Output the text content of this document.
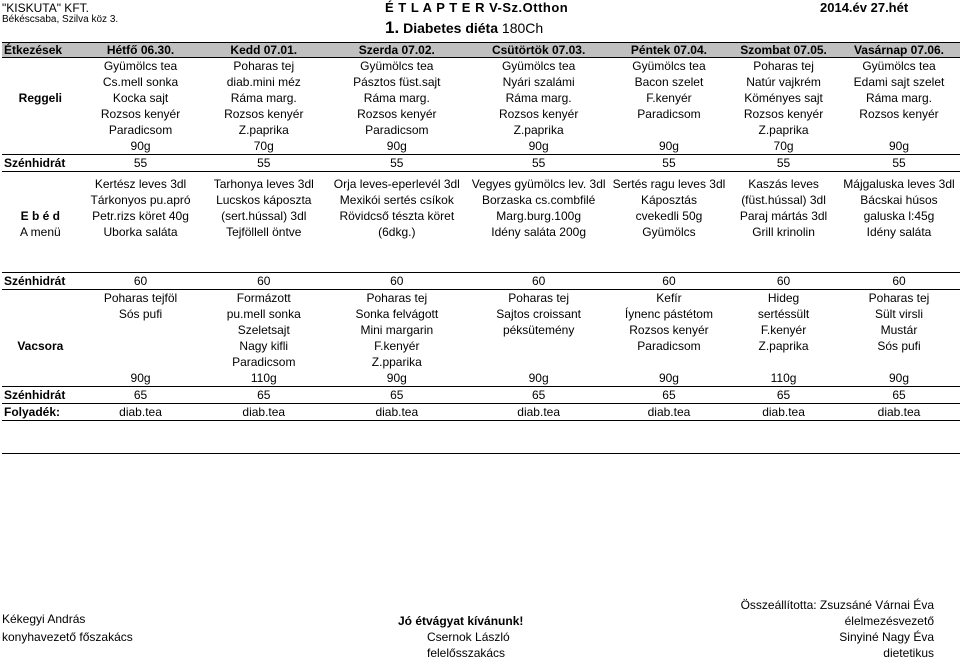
"KISKUTA" KFT.
Békéscsaba, Szilva köz 3.
É T L A P T E R V-Sz.Otthon	2014.év 27.hét
1. Diabetes diéta 180Ch
Étkezések	Hétfő 06.30.	Kedd 07.01.	Szerda 07.02.	Csütörtök 07.03.	Péntek 07.04.	Szombat 07.05.	Vasárnap 07.06.
	Gyümölcs tea	Poharas tej	Gyümölcs tea	Gyümölcs tea	Gyümölcs tea	Poharas tej	Gyümölcs tea
	Cs.mell sonka	diab.mini méz	Pásztos füst.sajt	Nyári szalámi	Bacon szelet	Natúr vajkrém	Edami sajt szelet
Reggeli	Kocka sajt	Ráma marg.	Ráma marg.	Ráma marg.	F.kenyér	Köményes sajt	Ráma marg.
	Rozsos kenyér	Rozsos kenyér	Rozsos kenyér	Rozsos kenyér	Paradicsom	Rozsos kenyér	Rozsos kenyér
	Paradicsom	Z.paprika	Paradicsom	Z.paprika		Z.paprika	
	90g	70g	90g	90g	90g	70g	90g
Szénhidrát	55	55	55	55	55	55	55

	Kertész leves 3dl	Tarhonya leves 3dl	Orja leves-eperlevél 3dl	Vegyes gyümölcs lev. 3dl	Sertés ragu leves 3dl	Kaszás leves	Májgaluska leves 3dl
	Tárkonyos pu.apró	Lucskos káposzta	Mexikói sertés csíkok	Borzaska cs.combfilé	Káposztás	(füst.hússal) 3dl	Bácskai húsos
E b é d	Petr.rizs köret 40g	(sert.hússal) 3dl	Rövidcső tészta köret	Marg.burg.100g	cvekedli 50g	Paraj mártás 3dl	galuska l:45g
A menü	Uborka saláta	Tejföllell öntve	(6dkg.)	Idény saláta 200g	Gyümölcs	Grill krinolin	Idény saláta

Szénhidrát	60	60	60	60	60	60	60
	Poharas tejföl	Formázott	Poharas tej	Poharas tej	Kefír	Hideg	Poharas tej
	Sós pufi	pu.mell sonka	Sonka felvágott	Sajtos croissant	Íynenc pástétom	sertéssült	Sült virsli
		Szeletsajt	Mini margarin	péksütemény	Rozsos kenyér	F.kenyér	Mustár
Vacsora		Nagy kifli	F.kenyér		Paradicsom	Z.paprika	Sós pufi
		Paradicsom	Z.pparika				
	90g	110g	90g	90g	90g	110g	90g
Szénhidrát	65	65	65	65	65	65	65
Folyadék:	diab.tea	diab.tea	diab.tea	diab.tea	diab.tea	diab.tea	diab.tea

Kékegyi András
konyhavezető főszakács
Jó étvágyat kívánunk!
Csernok László
felelősszakács
Összeállította: Zsuzsáné Várnai Éva
élelmezésvezető
Sinyiné Nagy Éva
dietetikus
